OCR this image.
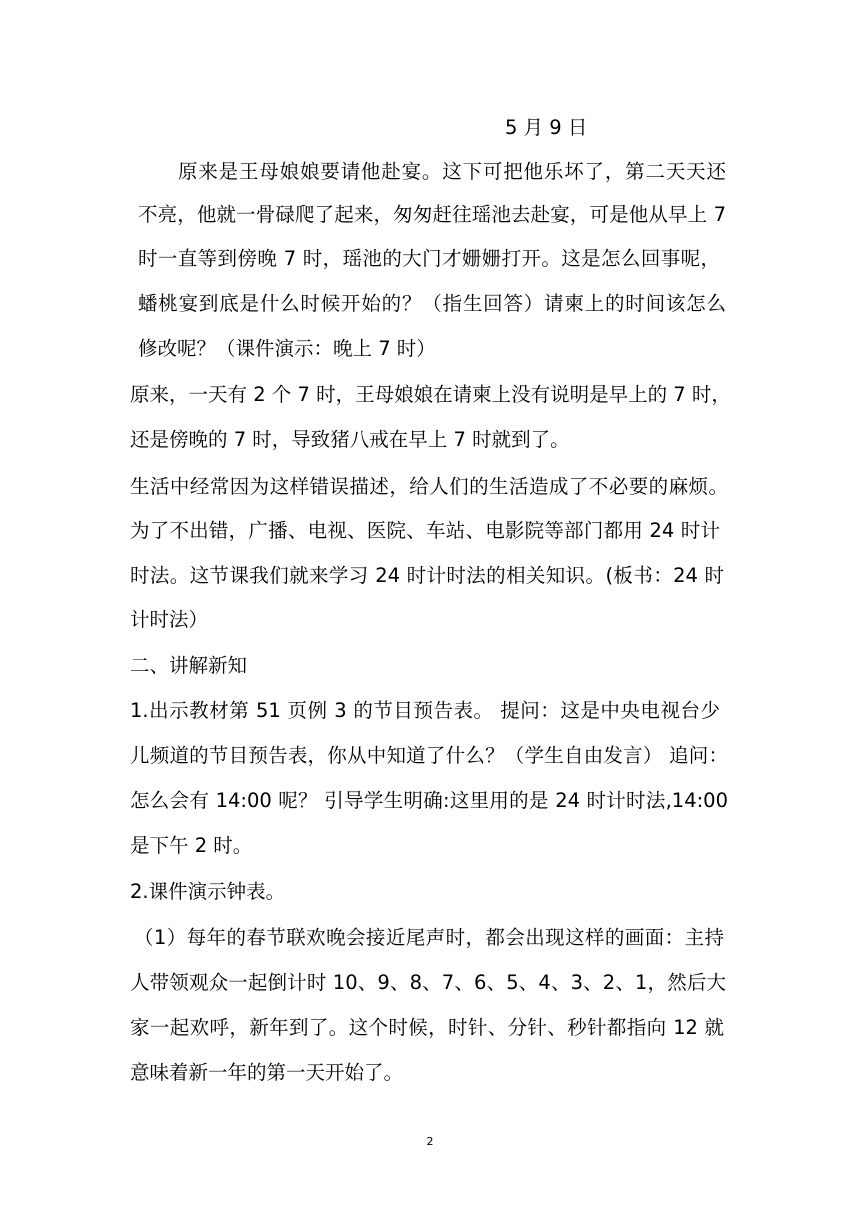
5 月 9 日
原来是王母娘娘要请他赴宴。这下可把他乐坏了，第二天天还
不亮，他就一骨碌爬了起来，匆匆赶往瑶池去赴宴，可是他从早上 7
时一直等到傍晚 7 时，瑶池的大门才姗姗打开。这是怎么回事呢，
蟠桃宴到底是什么时候开始的？（指生回答）请柬上的时间该怎么
修改呢？（课件演示：晚上 7 时）
原来，一天有 2 个 7 时，王母娘娘在请柬上没有说明是早上的 7 时，
还是傍晚的 7 时，导致猪八戒在早上 7 时就到了。
生活中经常因为这样错误描述，给人们的生活造成了不必要的麻烦。
为了不出错，广播、电视、医院、车站、电影院等部门都用 24 时计
时法。这节课我们就来学习 24 时计时法的相关知识。(板书：24 时
计时法）
二、讲解新知
1.出示教材第 51 页例 3 的节目预告表。 提问：这是中央电视台少
儿频道的节目预告表，你从中知道了什么？（学生自由发言） 追问：
怎么会有 14:00 呢？ 引导学生明确:这里用的是 24 时计时法,14:00
是下午 2 时。
2.课件演示钟表。
（1）每年的春节联欢晚会接近尾声时，都会出现这样的画面：主持
人带领观众一起倒计时 10、9、8、7、6、5、4、3、2、1，然后大
家一起欢呼，新年到了。这个时候，时针、分针、秒针都指向 12 就
意味着新一年的第一天开始了。
2
